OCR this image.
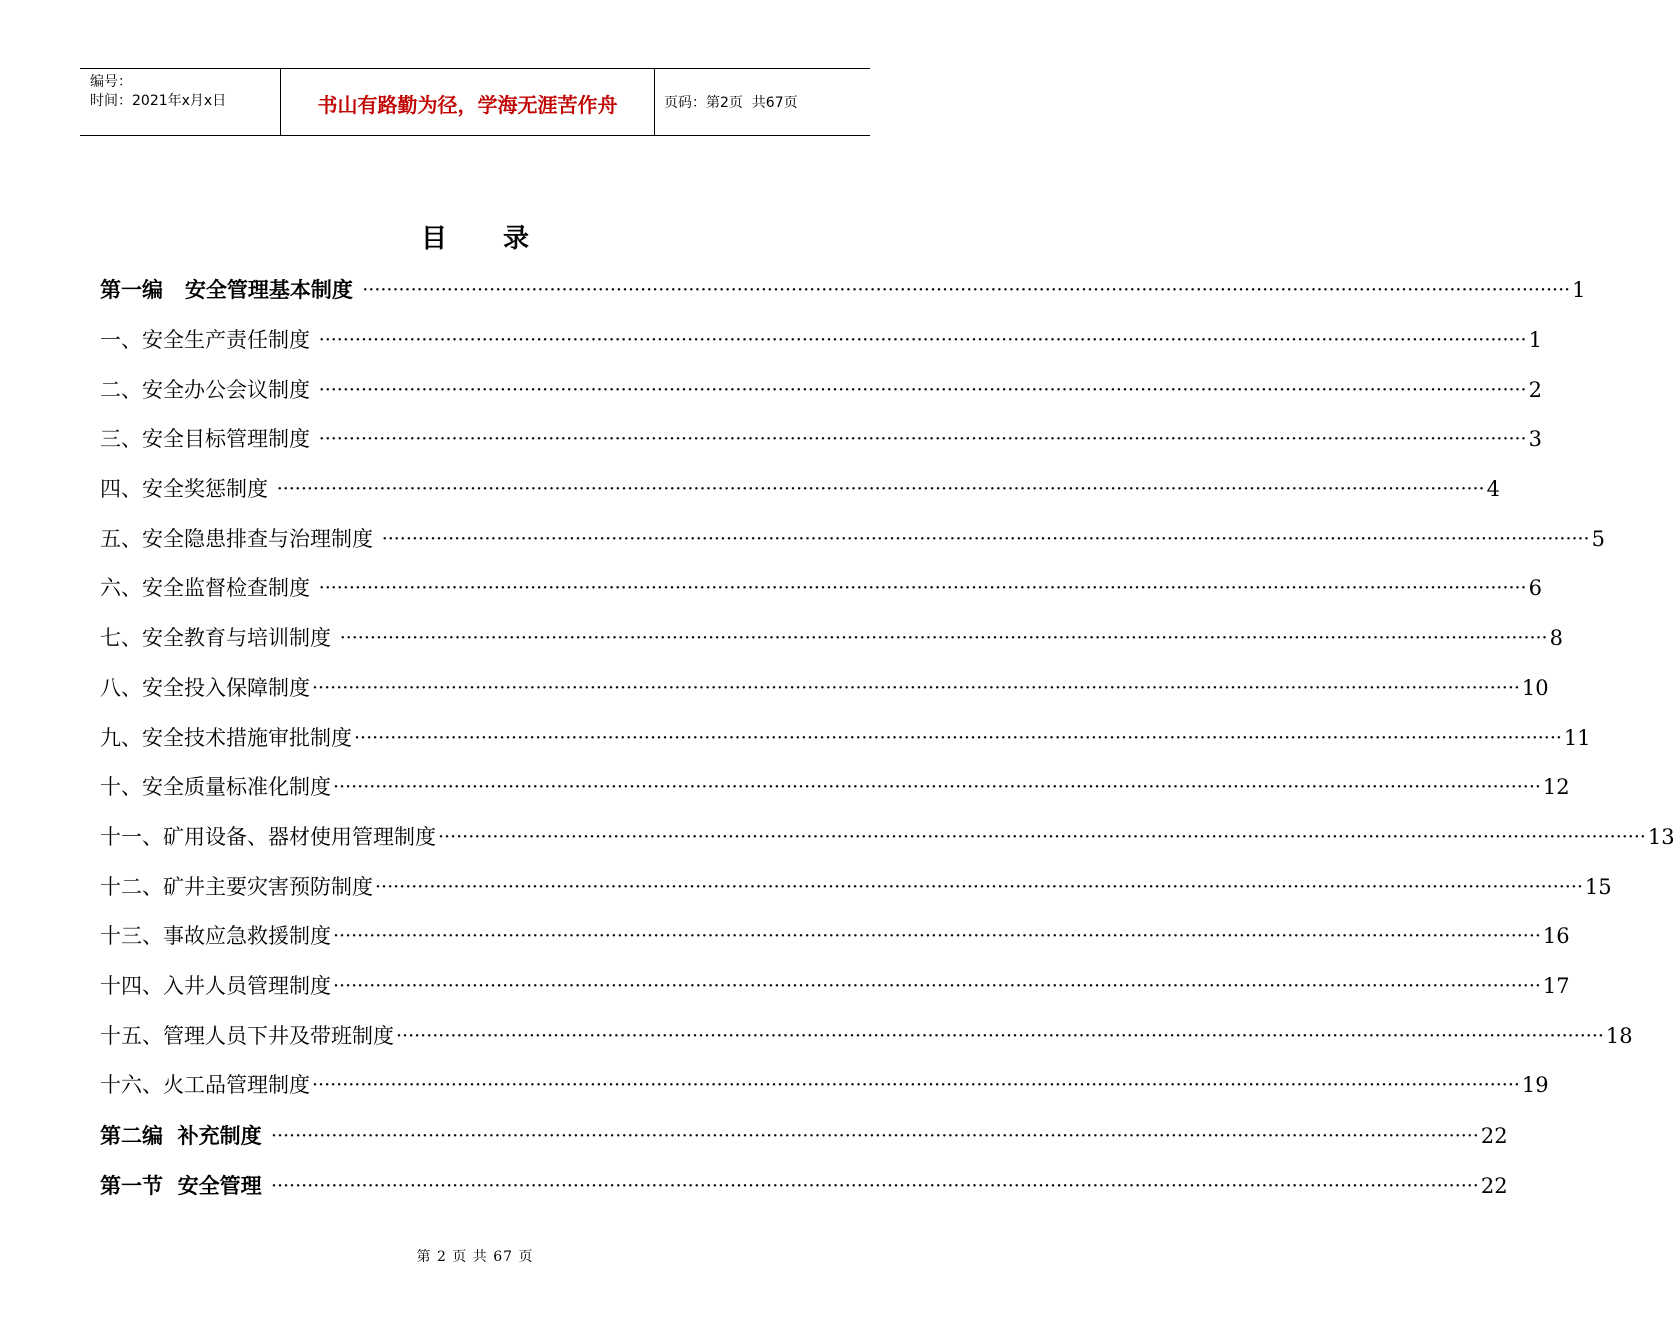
编号：
时间：2021年x月x日	书山有路勤为径，学海无涯苦作舟	页码：第2页  共67页
目 录
第一编   安全管理基本制度 ········································································································································································································ 1
一、安全生产责任制度 ········································································································································································································ 1
二、安全办公会议制度 ········································································································································································································ 2
三、安全目标管理制度 ········································································································································································································ 3
四、安全奖惩制度 ········································································································································································································ 4
五、安全隐患排查与治理制度 ········································································································································································································ 5
六、安全监督检查制度 ········································································································································································································ 6
七、安全教育与培训制度 ········································································································································································································ 8
八、安全投入保障制度 ········································································································································································································ 10
九、安全技术措施审批制度 ········································································································································································································ 11
十、安全质量标准化制度 ········································································································································································································ 12
十一、矿用设备、器材使用管理制度 ········································································································································································································ 13
十二、矿井主要灾害预防制度 ········································································································································································································ 15
十三、事故应急救援制度 ········································································································································································································ 16
十四、入井人员管理制度 ········································································································································································································ 17
十五、管理人员下井及带班制度 ········································································································································································································ 18
十六、火工品管理制度 ········································································································································································································ 19
第二编  补充制度 ········································································································································································································ 22
第一节  安全管理 ········································································································································································································ 22
第 2 页 共 67 页
